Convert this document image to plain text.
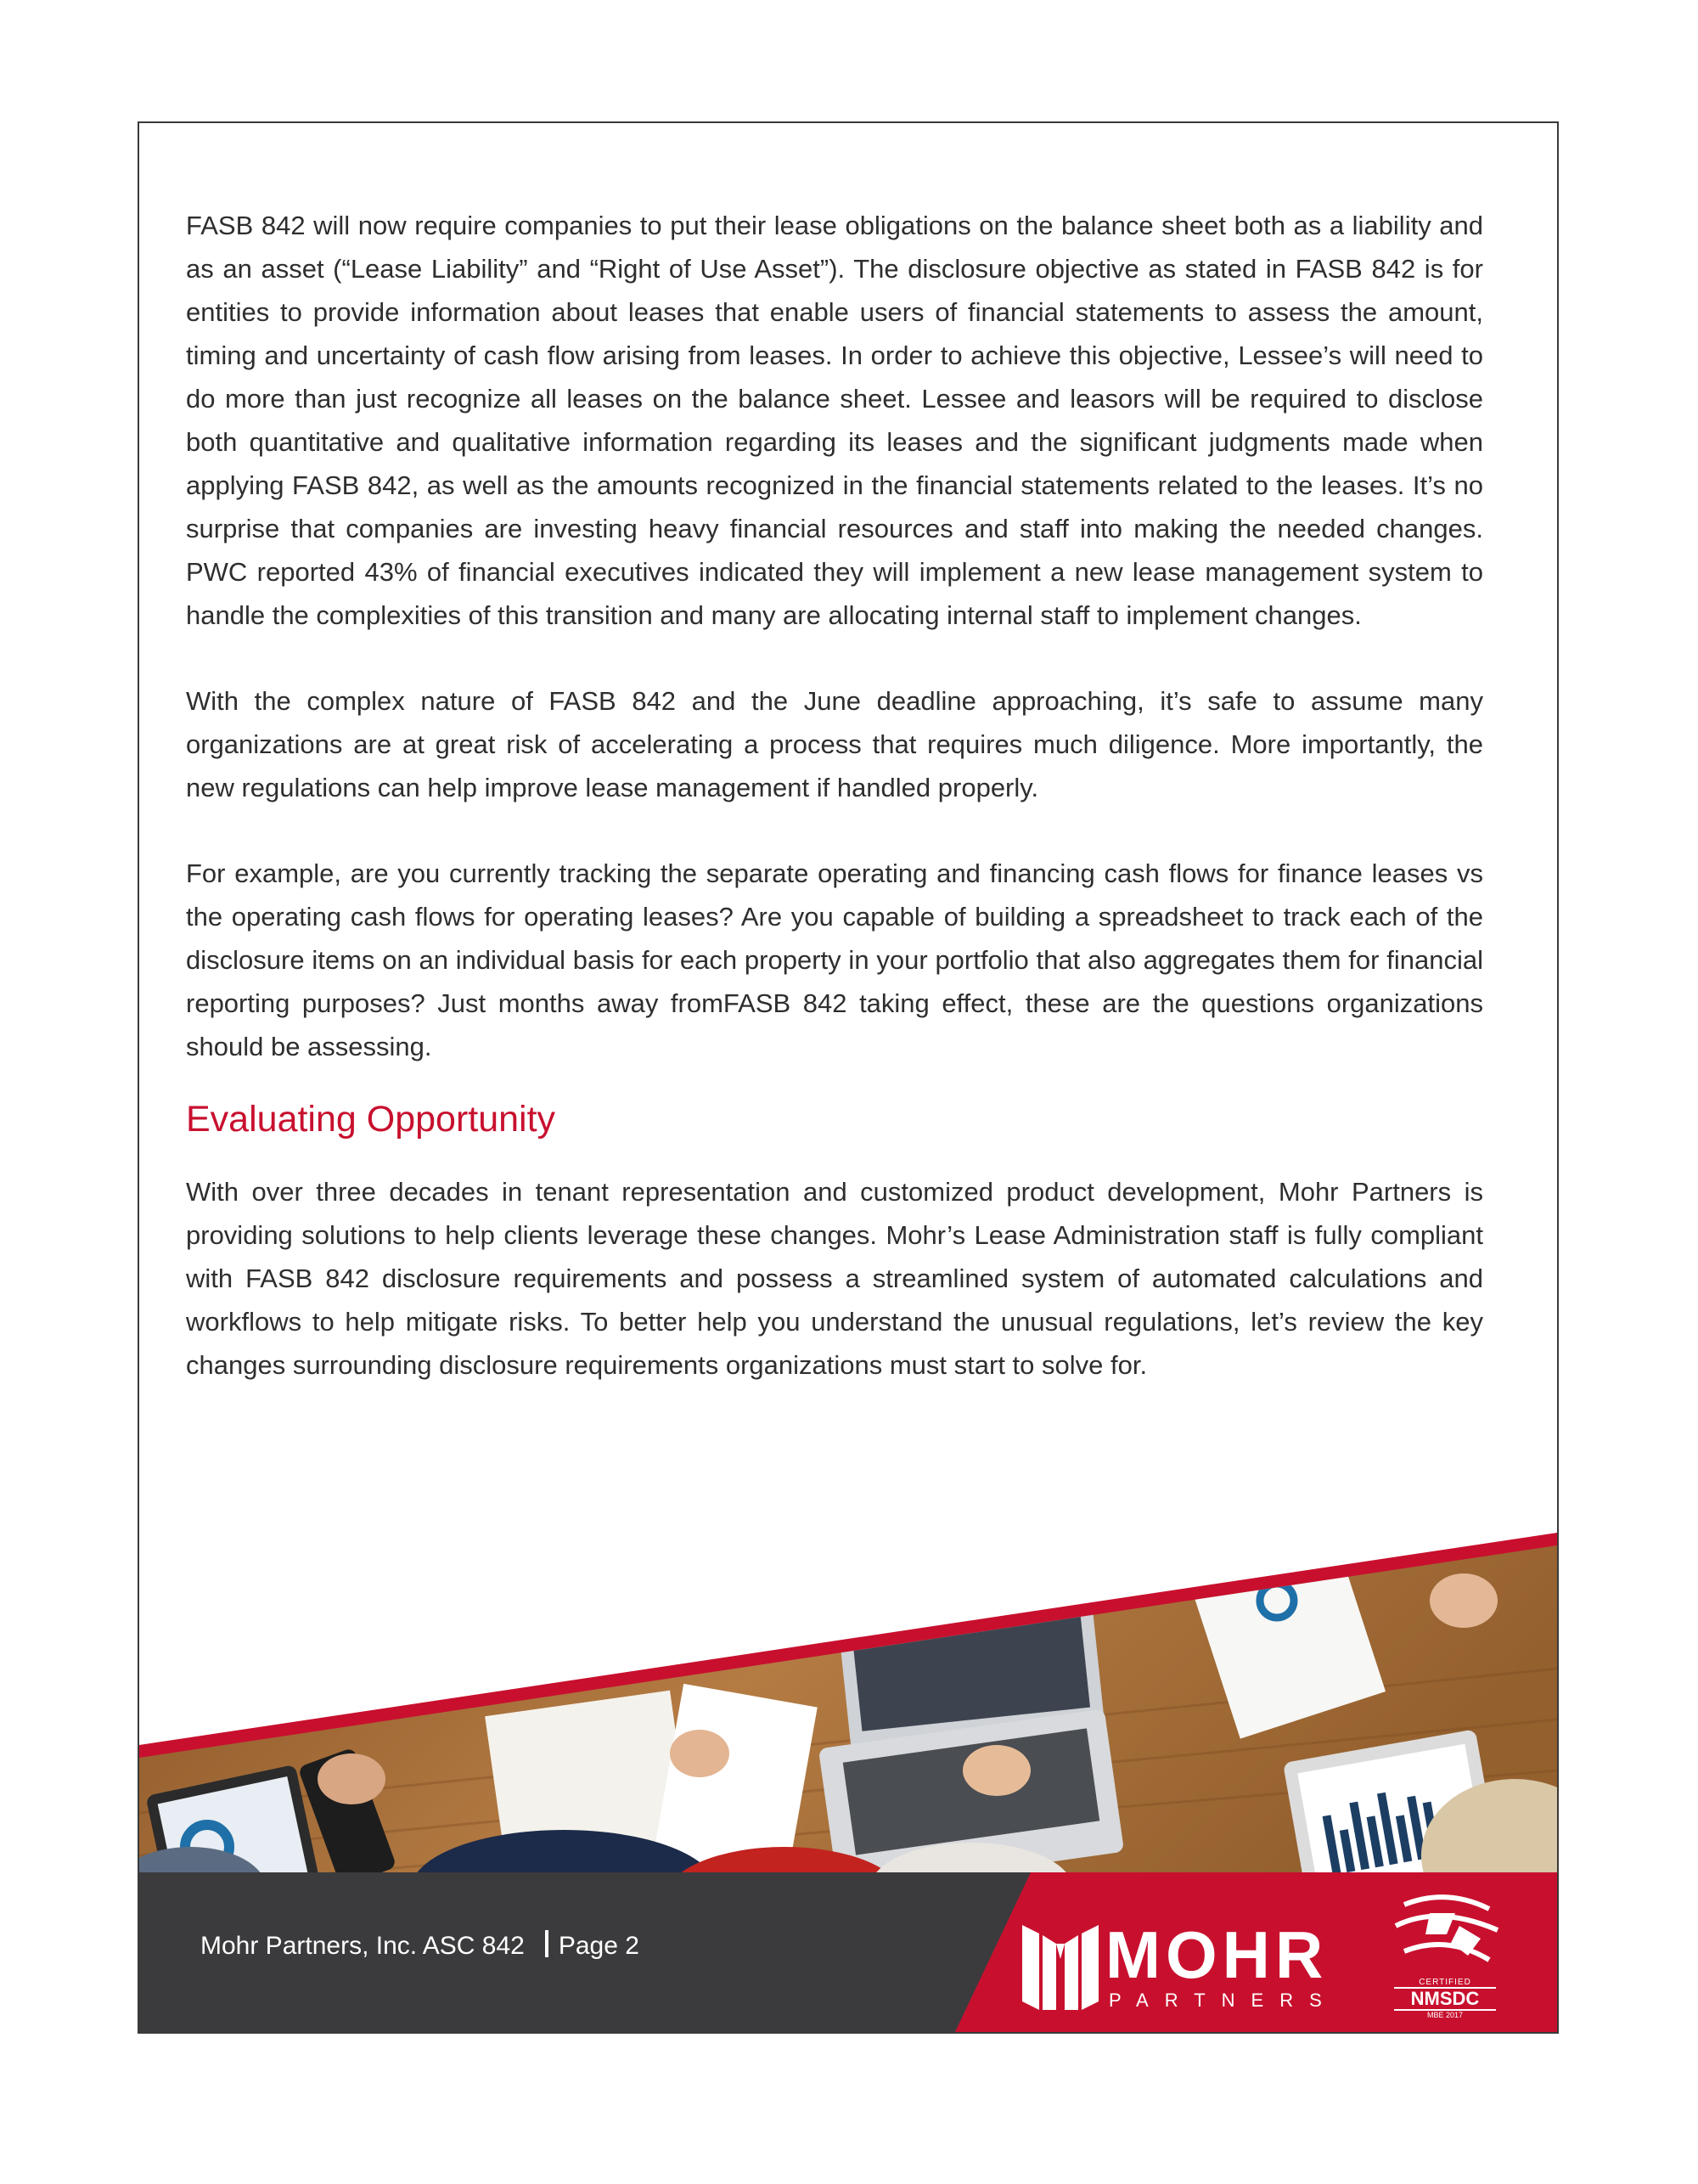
FASB 842 will now require companies to put their lease obligations on the balance sheet both as a liability and as an asset (“Lease Liability” and “Right of Use Asset”). The disclosure objective as stated in FASB 842 is for entities to provide information about leases that enable users of financial statements to assess the amount, timing and uncertainty of cash flow arising from leases. In order to achieve this objective, Lessee’s will need to do more than just recognize all leases on the balance sheet. Lessee and leasors will be required to disclose both quantitative and qualitative information regarding its leases and the significant judgments made when applying FASB 842, as well as the amounts recognized in the financial statements related to the leases. It’s no surprise that companies are investing heavy financial resources and staff into making the needed changes. PWC reported 43% of financial executives indicated they will implement a new lease management system to handle the complexities of this transition and many are allocating internal staff to implement changes.

With the complex nature of FASB 842 and the June deadline approaching, it’s safe to assume many organizations are at great risk of accelerating a process that requires much diligence. More importantly, the new regulations can help improve lease management if handled properly.

For example, are you currently tracking the separate operating and financing cash flows for finance leases vs the operating cash flows for operating leases? Are you capable of building a spreadsheet to track each of the disclosure items on an individual basis for each property in your portfolio that also aggregates them for financial reporting purposes? Just months away fromFASB 842 taking effect, these are the questions organizations should be assessing.

Evaluating Opportunity

With over three decades in tenant representation and customized product development, Mohr Partners is providing solutions to help clients leverage these changes. Mohr’s Lease Administration staff is fully compliant with FASB 842 disclosure requirements and possess a streamlined system of automated calculations and workflows to help mitigate risks. To better help you understand the unusual regulations, let’s review the key changes surrounding disclosure requirements organizations must start to solve for.

Mohr Partners, Inc. ASC 842 Page 2	MOHR
PARTNERS
CERTIFIED
NMSDC
MBE 2017
